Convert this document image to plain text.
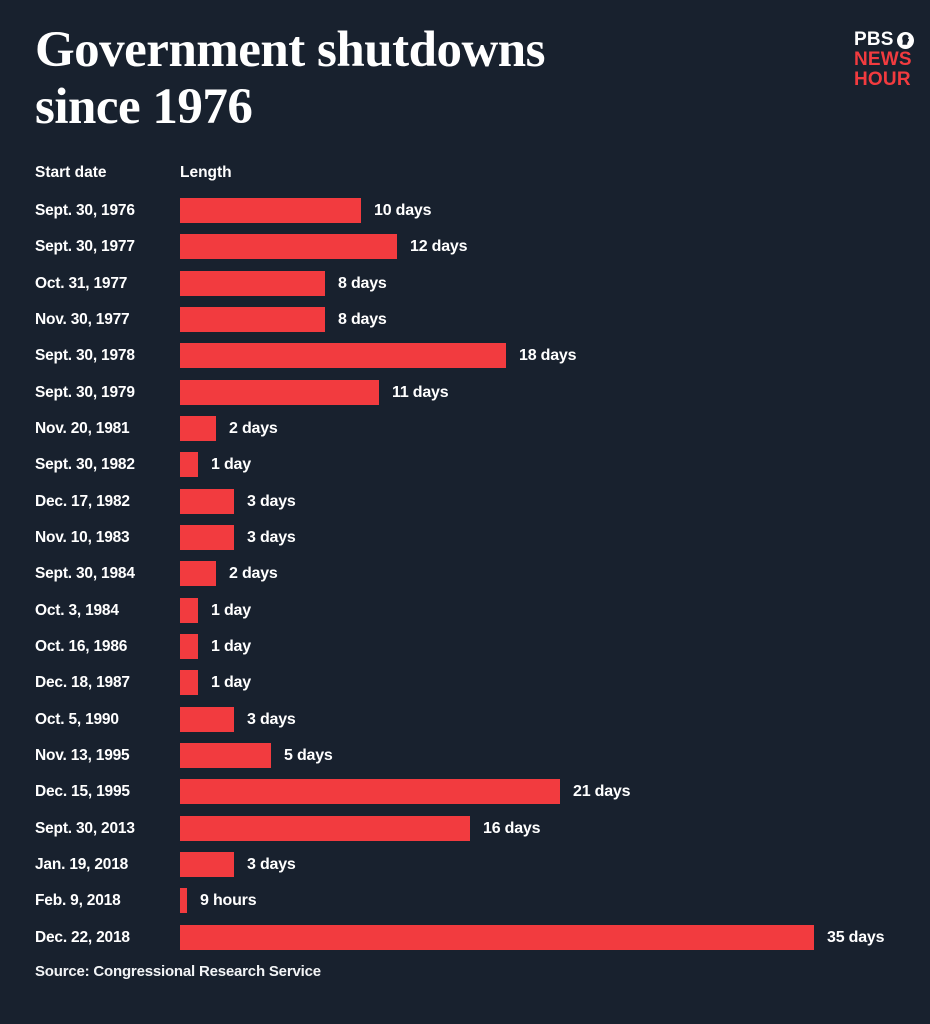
Government shutdowns
since 1976
PBS
NEWS
HOUR
Start date	Length
Sept. 30, 1976	10 days
Sept. 30, 1977	12 days
Oct. 31, 1977	8 days
Nov. 30, 1977	8 days
Sept. 30, 1978	18 days
Sept. 30, 1979	11 days
Nov. 20, 1981	2 days
Sept. 30, 1982	1 day
Dec. 17, 1982	3 days
Nov. 10, 1983	3 days
Sept. 30, 1984	2 days
Oct. 3, 1984	1 day
Oct. 16, 1986	1 day
Dec. 18, 1987	1 day
Oct. 5, 1990	3 days
Nov. 13, 1995	5 days
Dec. 15, 1995	21 days
Sept. 30, 2013	16 days
Jan. 19, 2018	3 days
Feb. 9, 2018	9 hours
Dec. 22, 2018	35 days
Source: Congressional Research Service
